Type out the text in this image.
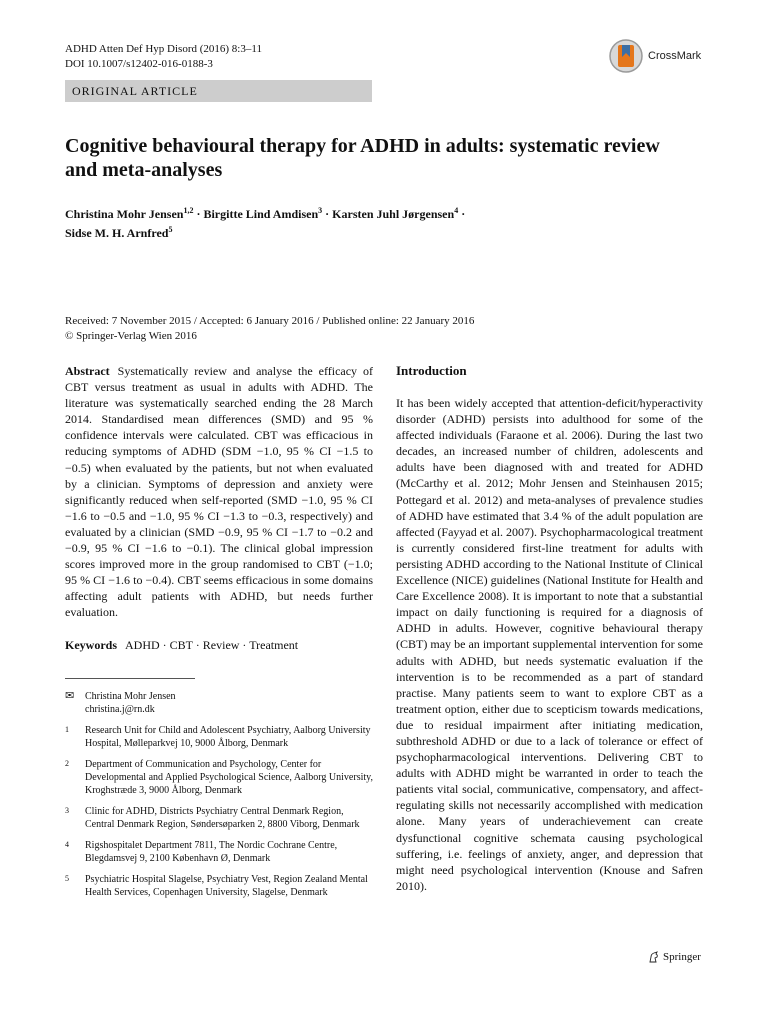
ADHD Atten Def Hyp Disord (2016) 8:3–11
DOI 10.1007/s12402-016-0188-3
CrossMark
ORIGINAL ARTICLE
Cognitive behavioural therapy for ADHD in adults: systematic review and meta-analyses
Christina Mohr Jensen$^{1,2}$ · Birgitte Lind Amdisen$^3$ · Karsten Juhl Jørgensen$^4$ ·
Sidse M. H. Arnfred$^5$
Received: 7 November 2015 / Accepted: 6 January 2016 / Published online: 22 January 2016
© Springer-Verlag Wien 2016
Abstract Systematically review and analyse the efficacy of CBT versus treatment as usual in adults with ADHD. The literature was systematically searched ending the 28 March 2014. Standardised mean differences (SMD) and 95 % confidence intervals were calculated. CBT was efficacious in reducing symptoms of ADHD (SDM −1.0, 95 % CI −1.5 to −0.5) when evaluated by the patients, but not when evaluated by a clinician. Symptoms of depression and anxiety were significantly reduced when self-reported (SMD −1.0, 95 % CI −1.6 to −0.5 and −1.0, 95 % CI −1.3 to −0.3, respectively) and evaluated by a clinician (SMD −0.9, 95 % CI −1.7 to −0.2 and −0.9, 95 % CI −1.6 to −0.1). The clinical global impression scores improved more in the group randomised to CBT (−1.0; 95 % CI −1.6 to −0.4). CBT seems efficacious in some domains affecting adult patients with ADHD, but needs further evaluation.
Keywords ADHD · CBT · Review · Treatment
✉	Christina Mohr Jensen
christina.j@rn.dk
1	Research Unit for Child and Adolescent Psychiatry, Aalborg University Hospital, Mølleparkvej 10, 9000 Ålborg, Denmark
2	Department of Communication and Psychology, Center for Developmental and Applied Psychological Science, Aalborg University, Kroghstræde 3, 9000 Ålborg, Denmark
3	Clinic for ADHD, Districts Psychiatry Central Denmark Region, Central Denmark Region, Søndersøparken 2, 8800 Viborg, Denmark
4	Rigshospitalet Department 7811, The Nordic Cochrane Centre, Blegdamsvej 9, 2100 København Ø, Denmark
5	Psychiatric Hospital Slagelse, Psychiatry Vest, Region Zealand Mental Health Services, Copenhagen University, Slagelse, Denmark
Introduction
It has been widely accepted that attention-deficit/hyperactivity disorder (ADHD) persists into adulthood for some of the affected individuals (Faraone et al. 2006). During the last two decades, an increased number of children, adolescents and adults have been diagnosed with and treated for ADHD (McCarthy et al. 2012; Mohr Jensen and Steinhausen 2015; Pottegard et al. 2012) and meta-analyses of prevalence studies of ADHD have estimated that 3.4 % of the adult population are affected (Fayyad et al. 2007). Psychopharmacological treatment is currently considered first-line treatment for adults with persisting ADHD according to the National Institute of Clinical Excellence (NICE) guidelines (National Institute for Health and Care Excellence 2008). It is important to note that a substantial impact on daily functioning is required for a diagnosis of ADHD in adults. However, cognitive behavioural therapy (CBT) may be an important supplemental intervention for some adults with ADHD, but needs systematic evaluation if the intervention is to be recommended as a part of standard practise. Many patients seem to want to explore CBT as a treatment option, either due to scepticism towards medications, due to residual impairment after initiating medication, subthreshold ADHD or due to a lack of tolerance or effect of psychopharmacological interventions. Delivering CBT to adults with ADHD might be warranted in order to teach the patients vital social, communicative, compensatory, and affect-regulating skills not necessarily accomplished with medication alone. Many years of underachievement can create dysfunctional cognitive schemata causing psychological suffering, i.e. feelings of anxiety, anger, and depression that might need psychological intervention (Knouse and Safren 2010).
Springer
